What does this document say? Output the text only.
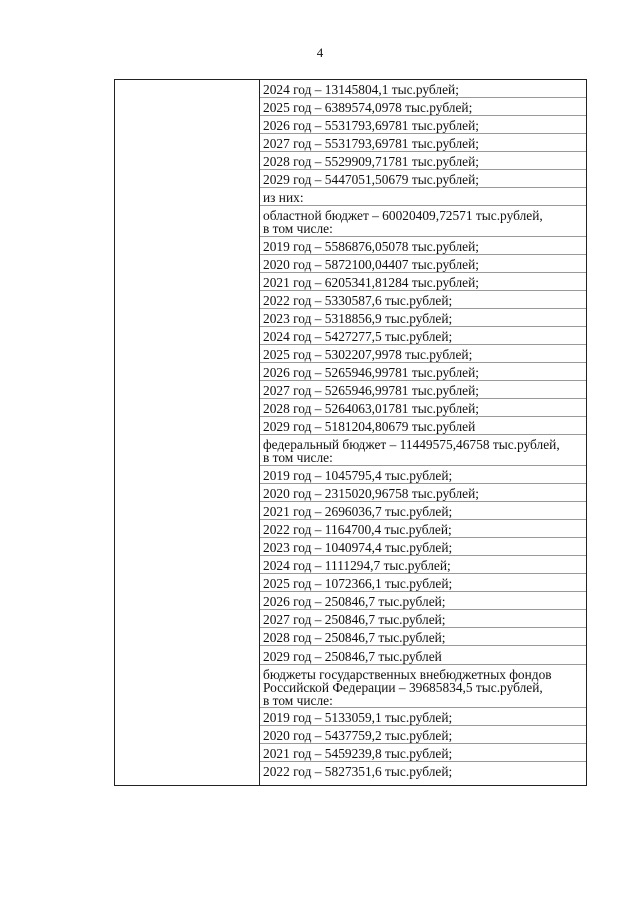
4
2024 год – 13145804,1 тыс.рублей;
2025 год – 6389574,0978 тыс.рублей;
2026 год – 5531793,69781 тыс.рублей;
2027 год – 5531793,69781 тыс.рублей;
2028 год – 5529909,71781 тыс.рублей;
2029 год – 5447051,50679 тыс.рублей;
из них:
областной бюджет – 60020409,72571 тыс.рублей,
в том числе:
2019 год – 5586876,05078 тыс.рублей;
2020 год – 5872100,04407 тыс.рублей;
2021 год – 6205341,81284 тыс.рублей;
2022 год – 5330587,6 тыс.рублей;
2023 год – 5318856,9 тыс.рублей;
2024 год – 5427277,5 тыс.рублей;
2025 год – 5302207,9978 тыс.рублей;
2026 год – 5265946,99781 тыс.рублей;
2027 год – 5265946,99781 тыс.рублей;
2028 год – 5264063,01781 тыс.рублей;
2029 год – 5181204,80679 тыс.рублей
федеральный бюджет – 11449575,46758 тыс.рублей,
в том числе:
2019 год – 1045795,4 тыс.рублей;
2020 год – 2315020,96758 тыс.рублей;
2021 год – 2696036,7 тыс.рублей;
2022 год – 1164700,4 тыс.рублей;
2023 год – 1040974,4 тыс.рублей;
2024 год – 1111294,7 тыс.рублей;
2025 год – 1072366,1 тыс.рублей;
2026 год – 250846,7 тыс.рублей;
2027 год – 250846,7 тыс.рублей;
2028 год – 250846,7 тыс.рублей;
2029 год – 250846,7 тыс.рублей
бюджеты государственных внебюджетных фондов
Российской Федерации – 39685834,5 тыс.рублей,
в том числе:
2019 год – 5133059,1 тыс.рублей;
2020 год – 5437759,2 тыс.рублей;
2021 год – 5459239,8 тыс.рублей;
2022 год – 5827351,6 тыс.рублей;
